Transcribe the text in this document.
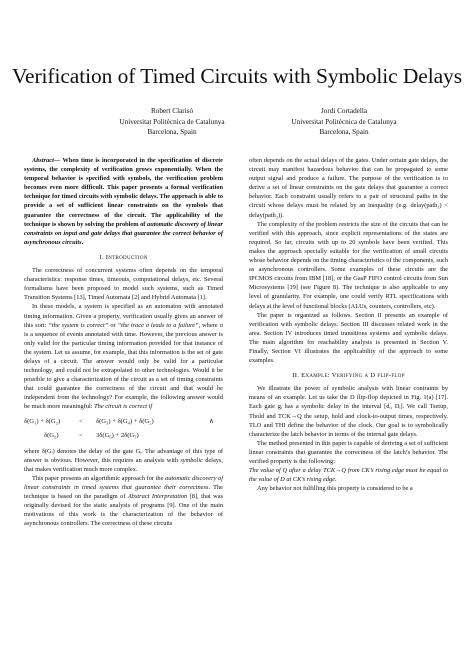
Verification of Timed Circuits with Symbolic Delays
Robert Clarisó
Universitat Politècnica de Catalunya
Barcelona, Spain
Jordi Cortadella
Universitat Politècnica de Catalunya
Barcelona, Spain

Abstract— When time is incorporated in the specification of discrete systems, the complexity of verification grows exponentially. When the temporal behavior is specified with symbols, the verification problem becomes even more difficult. This paper presents a formal verification technique for timed circuits with symbolic delays. The approach is able to provide a set of sufficient linear constraints on the symbols that guarantee the correctness of the circuit. The applicability of the technique is shown by solving the problem of automatic discovery of linear constraints on input and gate delays that guarantee the correct behavior of asynchronous circuits.

I. Introduction

The correctness of concurrent systems often depends on the temporal characteristics: response times, timeouts, computational delays, etc. Several formalisms have been proposed to model such systems, such as Timed Transition Systems [13], Timed Automata [2] and Hybrid Automata [1].

In these models, a system is specified as an automaton with annotated timing information. Given a property, verification usually gives an answer of this sort: “the system is correct” or “the trace σ leads to a failure”, where σ is a sequence of events annotated with time. However, the previous answer is only valid for the particular timing information provided for that instance of the system. Let us assume, for example, that this information is the set of gate delays of a circuit. The answer would only be valid for a particular technology, and could not be extrapolated to other technologies. Would it be possible to give a characterization of the circuit as a set of timing constraints that could guarantee the correctness of the circuit and that would be independent from the technology? For example, the following answer would be much more meaningful: The circuit is correct if

δ(G₁) + δ(G₂)	< δ(G₃) + δ(G₄) + δ(G₅)	∧
δ(G₂)	< 3δ(G₆) + 2δ(G₇)

where δ(Gᵢ) denotes the delay of the gate Gᵢ. The advantage of this type of answer is obvious. However, this requires an analysis with symbolic delays, that makes verification much more complex.

This paper presents an algorithmic approach for the automatic discovery of linear constraints in timed systems that guarantee their correctness. The technique is based on the paradigm of Abstract Interpretation [8], that was originally devised for the static analysis of programs [9]. One of the main motivations of this work is the characterization of the behavior of asynchronous controllers. The correctness of these circuits

often depends on the actual delays of the gates. Under certain gate delays, the circuit may manifest hazardous behavior that can be propagated to some output signal and produce a failure. The purpose of the verification is to derive a set of linear constraints on the gate delays that guarantee a correct behavior. Each constraint usually refers to a pair of structural paths in the circuit whose delays must be related by an inequality (e.g. delay(path₁) < delay(path₂)).

The complexity of the problem restricts the size of the circuits that can be verified with this approach, since explicit representations of the states are required. So far, circuits with up to 20 symbols have been verified. This makes the approach specially suitable for the verification of small circuits whose behavior depends on the timing characteristics of the components, such as asynchronous controllers. Some examples of these circuits are the IPCMOS circuits from IBM [18], or the GasP FIFO control circuits from Sun Microsystems [19] (see Figure 8). The technique is also applicable to any level of granularity. For example, one could verify RTL specifications with delays at the level of functional blocks (ALUs, counters, controllers, etc).

The paper is organized as follows. Section II presents an example of verification with symbolic delays. Section III discusses related work in the area. Section IV introduces timed transitions systems and symbolic delays. The main algorithm for reachability analysis is presented in Section V. Finally, Section VI illustrates the applicability of the approach to some examples.

II. Example: Verifying a D flip-flop

We illustrate the power of symbolic analysis with linear contraints by means of an example. Let us take the D flip-flop depicted in Fig. 1(a) [17]. Each gate gᵢ has a symbolic delay in the interval [dᵢ, Dᵢ]. We call Tsetup, Thold and TCK→Q the setup, hold and clock-to-output times, respectively. TLO and THI define the behavior of the clock. Our goal is to symbolically characterize the latch behavior in terms of the internal gate delays.

The method presented in this paper is capable of deriving a set of sufficient linear constraints that guarantee the correctness of the latch’s behavior. The verified property is the following:

The value of Q after a delay TCK→Q from CK’s rising edge must be equal to the value of D at CK’s rising edge.

Any behavior not fulfilling this property is considered to be a
